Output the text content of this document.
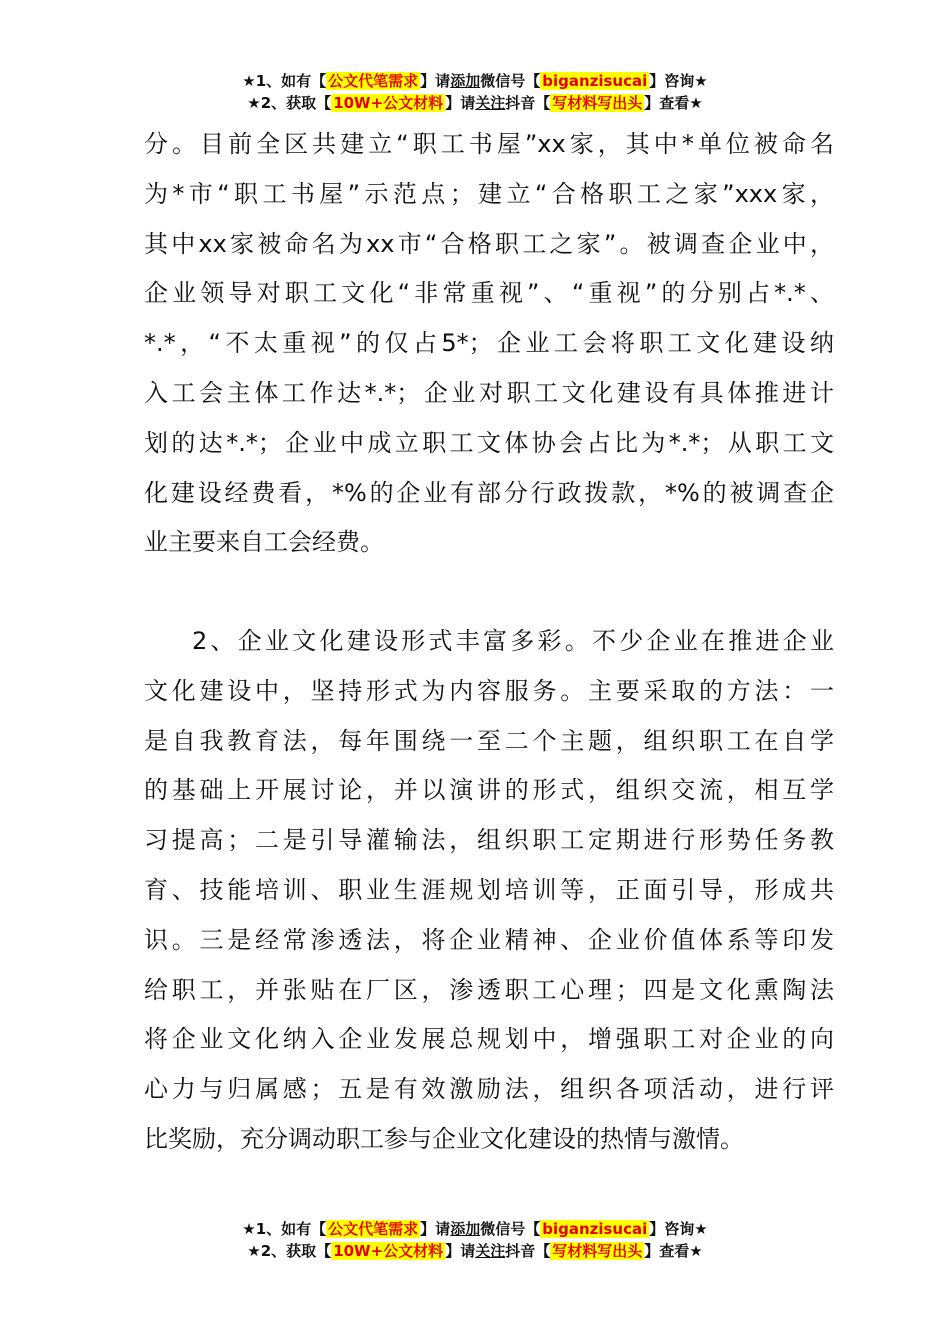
★1、如有【 公文代笔需求 】请添加微信号【 biganzisucai 】咨询★
★2、获取【 10W+公文材料 】请关注抖音【 写材料写出头 】查看★
分。目前全区共建立“职工书屋”xx家，其中*单位被命名
为*市“职工书屋”示范点；建立“合格职工之家”xxx家，
其中xx家被命名为xx市“合格职工之家”。被调查企业中，
企业领导对职工文化“非常重视”、“重视”的分别占*.*、
*.*，“不太重视”的仅占5*；企业工会将职工文化建设纳
入工会主体工作达*.*；企业对职工文化建设有具体推进计
划的达*.*；企业中成立职工文体协会占比为*.*；从职工文
化建设经费看，*%的企业有部分行政拨款，*%的被调查企
业主要来自工会经费。
2、企业文化建设形式丰富多彩。不少企业在推进企业
文化建设中，坚持形式为内容服务。主要采取的方法：一
是自我教育法，每年围绕一至二个主题，组织职工在自学
的基础上开展讨论，并以演讲的形式，组织交流，相互学
习提高；二是引导灌输法，组织职工定期进行形势任务教
育、技能培训、职业生涯规划培训等，正面引导，形成共
识。三是经常渗透法，将企业精神、企业价值体系等印发
给职工，并张贴在厂区，渗透职工心理；四是文化熏陶法
将企业文化纳入企业发展总规划中，增强职工对企业的向
心力与归属感；五是有效激励法，组织各项活动，进行评
比奖励，充分调动职工参与企业文化建设的热情与激情。
★1、如有【 公文代笔需求 】请添加微信号【 biganzisucai 】咨询★
★2、获取【 10W+公文材料 】请关注抖音【 写材料写出头 】查看★
